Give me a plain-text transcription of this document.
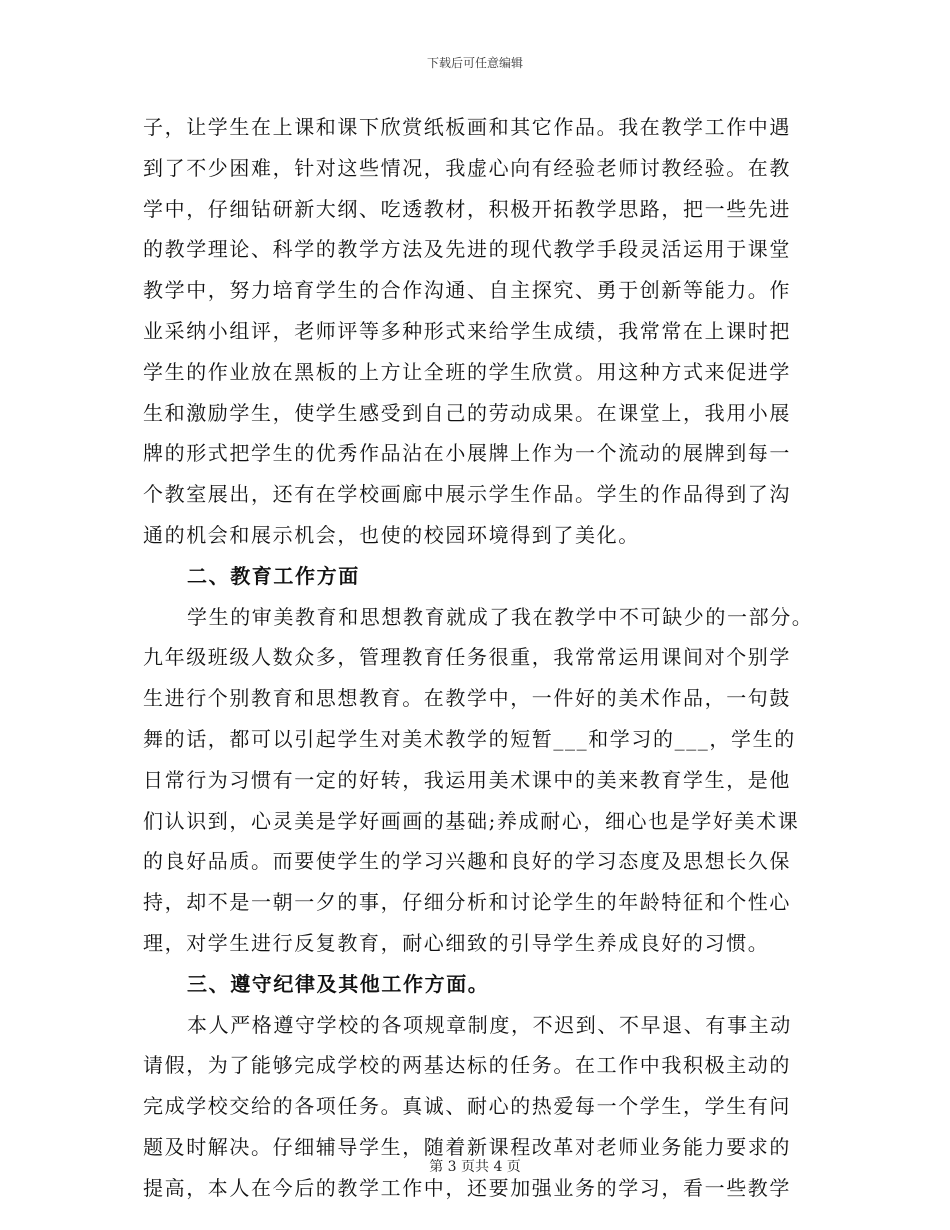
下载后可任意编辑
子，让学生在上课和课下欣赏纸板画和其它作品。我在教学工作中遇
到了不少困难，针对这些情况，我虚心向有经验老师讨教经验。在教
学中，仔细钻研新大纲、吃透教材，积极开拓教学思路，把一些先进
的教学理论、科学的教学方法及先进的现代教学手段灵活运用于课堂
教学中，努力培育学生的合作沟通、自主探究、勇于创新等能力。作
业采纳小组评，老师评等多种形式来给学生成绩，我常常在上课时把
学生的作业放在黑板的上方让全班的学生欣赏。用这种方式来促进学
生和激励学生，使学生感受到自己的劳动成果。在课堂上，我用小展
牌的形式把学生的优秀作品沾在小展牌上作为一个流动的展牌到每一
个教室展出，还有在学校画廊中展示学生作品。学生的作品得到了沟
通的机会和展示机会，也使的校园环境得到了美化。
二、教育工作方面
学生的审美教育和思想教育就成了我在教学中不可缺少的一部分。
九年级班级人数众多，管理教育任务很重，我常常运用课间对个别学
生进行个别教育和思想教育。在教学中，一件好的美术作品，一句鼓
舞的话，都可以引起学生对美术教学的短暂___和学习的___，学生的
日常行为习惯有一定的好转，我运用美术课中的美来教育学生，是他
们认识到，心灵美是学好画画的基础;养成耐心，细心也是学好美术课
的良好品质。而要使学生的学习兴趣和良好的学习态度及思想长久保
持，却不是一朝一夕的事，仔细分析和讨论学生的年龄特征和个性心
理，对学生进行反复教育，耐心细致的引导学生养成良好的习惯。
三、遵守纪律及其他工作方面。
本人严格遵守学校的各项规章制度，不迟到、不早退、有事主动
请假，为了能够完成学校的两基达标的任务。在工作中我积极主动的
完成学校交给的各项任务。真诚、耐心的热爱每一个学生，学生有问
题及时解决。仔细辅导学生，随着新课程改革对老师业务能力要求的
提高，本人在今后的教学工作中，还要加强业务的学习，看一些教学
第 3 页共 4 页
